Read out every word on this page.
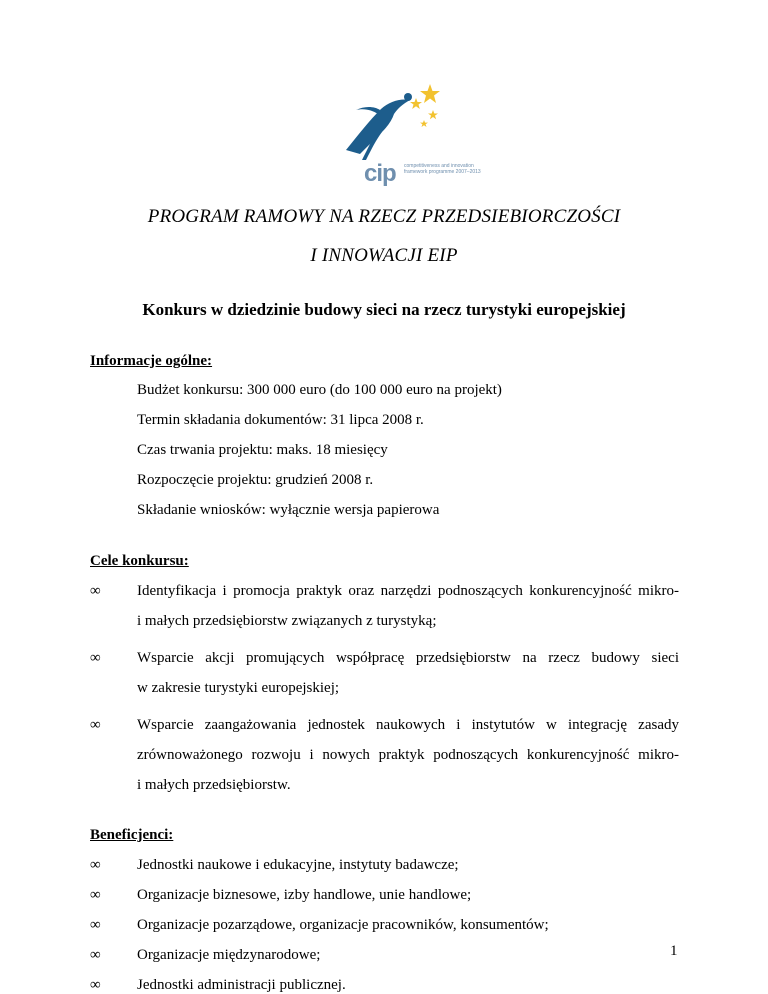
cip competitiveness and innovation framework programme 2007–2013
PROGRAM RAMOWY NA RZECZ PRZEDSIEBIORCZOŚCI
I INNOWACJI EIP
Konkurs w dziedzinie budowy sieci na rzecz turystyki europejskiej
Informacje ogólne:
Budżet konkursu: 300 000 euro (do 100 000 euro na projekt)
Termin składania dokumentów: 31 lipca 2008 r.
Czas trwania projektu: maks. 18 miesięcy
Rozpoczęcie projektu: grudzień 2008 r.
Składanie wniosków: wyłącznie wersja papierowa
Cele konkursu:
∞ Identyfikacja i promocja praktyk oraz narzędzi podnoszących konkurencyjność mikro-
i małych przedsiębiorstw związanych z turystyką;
∞ Wsparcie akcji promujących współpracę przedsiębiorstw na rzecz budowy sieci
w zakresie turystyki europejskiej;
∞ Wsparcie zaangażowania jednostek naukowych i instytutów w integrację zasady
zrównoważonego rozwoju i nowych praktyk podnoszących konkurencyjność mikro-
i małych przedsiębiorstw.
Beneficjenci:
∞ Jednostki naukowe i edukacyjne, instytuty badawcze;
∞ Organizacje biznesowe, izby handlowe, unie handlowe;
∞ Organizacje pozarządowe, organizacje pracowników, konsumentów;
∞ Organizacje międzynarodowe;
∞ Jednostki administracji publicznej.
1
